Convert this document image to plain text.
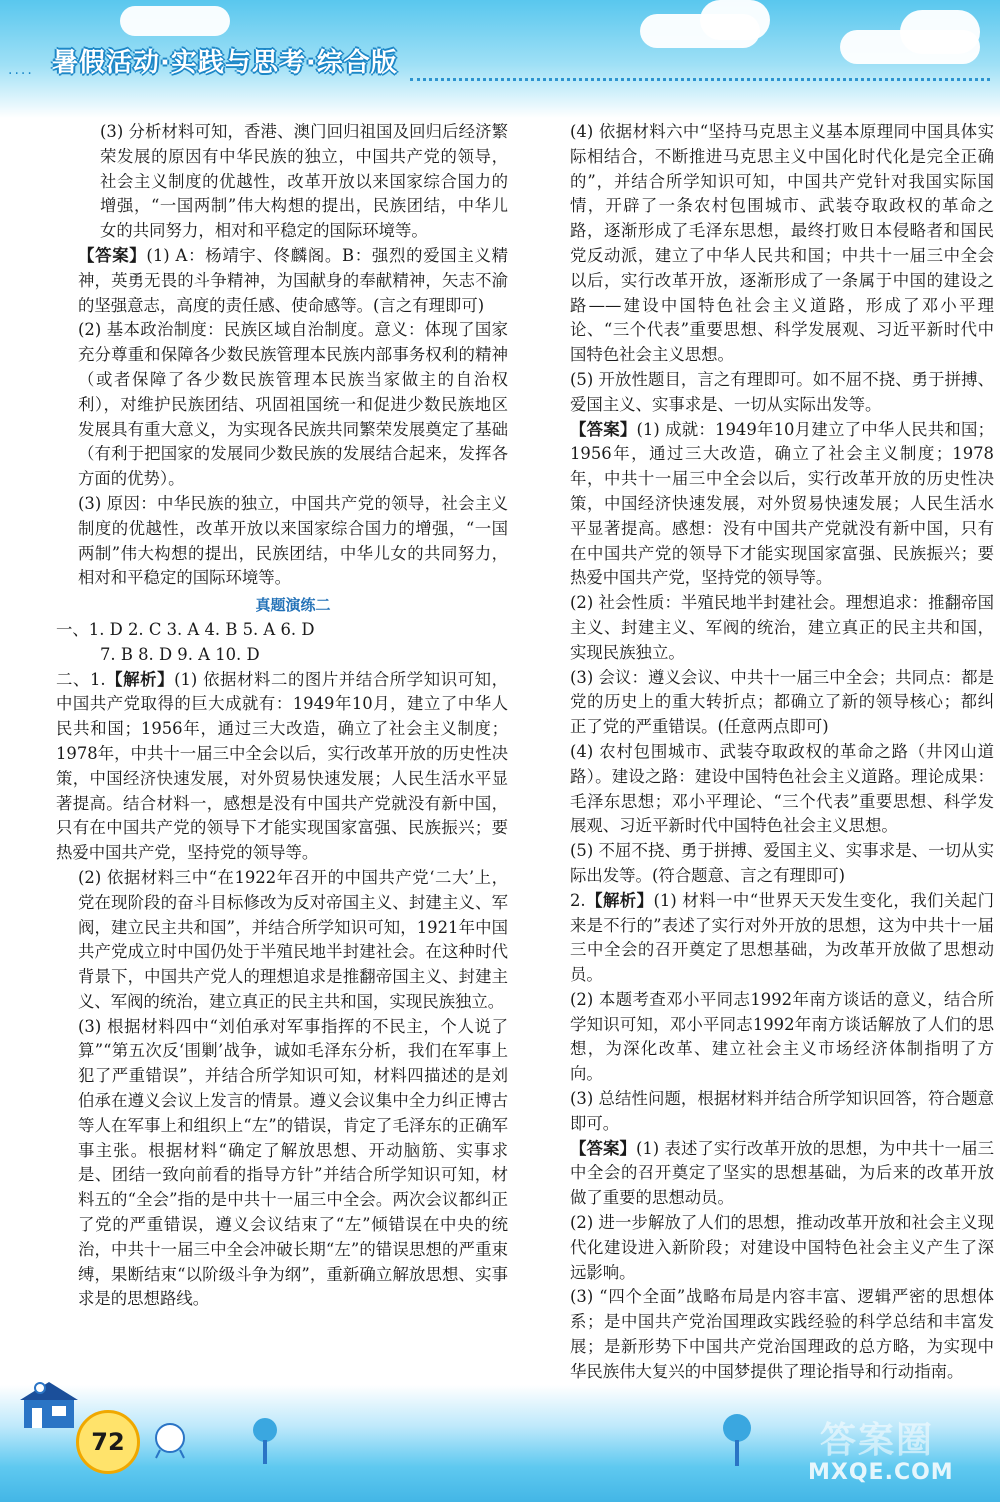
···· 暑假活动·实践与思考·综合版

(3) 分析材料可知，香港、澳门回归祖国及回归后经济繁荣发展的原因有中华民族的独立，中国共产党的领导，社会主义制度的优越性，改革开放以来国家综合国力的增强，“一国两制”伟大构想的提出，民族团结，中华儿女的共同努力，相对和平稳定的国际环境等。

【答案】(1) A：杨靖宇、佟麟阁。B：强烈的爱国主义精神，英勇无畏的斗争精神，为国献身的奉献精神，矢志不渝的坚强意志，高度的责任感、使命感等。(言之有理即可)

(2) 基本政治制度：民族区域自治制度。意义：体现了国家充分尊重和保障各少数民族管理本民族内部事务权利的精神（或者保障了各少数民族管理本民族当家做主的自治权利），对维护民族团结、巩固祖国统一和促进少数民族地区发展具有重大意义，为实现各民族共同繁荣发展奠定了基础（有利于把国家的发展同少数民族的发展结合起来，发挥各方面的优势）。

(3) 原因：中华民族的独立，中国共产党的领导，社会主义制度的优越性，改革开放以来国家综合国力的增强，“一国两制”伟大构想的提出，民族团结，中华儿女的共同努力，相对和平稳定的国际环境等。

真题演练二

一、1. D 2. C 3. A 4. B 5. A 6. D

7. B 8. D 9. A 10. D

二、1.【解析】(1) 依据材料二的图片并结合所学知识可知，中国共产党取得的巨大成就有：1949年10月，建立了中华人民共和国；1956年，通过三大改造，确立了社会主义制度；1978年，中共十一届三中全会以后，实行改革开放的历史性决策，中国经济快速发展，对外贸易快速发展；人民生活水平显著提高。结合材料一，感想是没有中国共产党就没有新中国，只有在中国共产党的领导下才能实现国家富强、民族振兴；要热爱中国共产党，坚持党的领导等。

(2) 依据材料三中“在1922年召开的中国共产党‘二大’上，党在现阶段的奋斗目标修改为反对帝国主义、封建主义、军阀，建立民主共和国”，并结合所学知识可知，1921年中国共产党成立时中国仍处于半殖民地半封建社会。在这种时代背景下，中国共产党人的理想追求是推翻帝国主义、封建主义、军阀的统治，建立真正的民主共和国，实现民族独立。

(3) 根据材料四中“刘伯承对军事指挥的不民主，个人说了算”“第五次反‘围剿’战争，诚如毛泽东分析，我们在军事上犯了严重错误”，并结合所学知识可知，材料四描述的是刘伯承在遵义会议上发言的情景。遵义会议集中全力纠正博古等人在军事上和组织上“左”的错误，肯定了毛泽东的正确军事主张。根据材料“确定了解放思想、开动脑筋、实事求是、团结一致向前看的指导方针”并结合所学知识可知，材料五的“全会”指的是中共十一届三中全会。两次会议都纠正了党的严重错误，遵义会议结束了“左”倾错误在中央的统治，中共十一届三中全会冲破长期“左”的错误思想的严重束缚，果断结束“以阶级斗争为纲”，重新确立解放思想、实事求是的思想路线。

(4) 依据材料六中“坚持马克思主义基本原理同中国具体实际相结合，不断推进马克思主义中国化时代化是完全正确的”，并结合所学知识可知，中国共产党针对我国实际国情，开辟了一条农村包围城市、武装夺取政权的革命之路，逐渐形成了毛泽东思想，最终打败日本侵略者和国民党反动派，建立了中华人民共和国；中共十一届三中全会以后，实行改革开放，逐渐形成了一条属于中国的建设之路——建设中国特色社会主义道路，形成了邓小平理论、“三个代表”重要思想、科学发展观、习近平新时代中国特色社会主义思想。

(5) 开放性题目，言之有理即可。如不屈不挠、勇于拼搏、爱国主义、实事求是、一切从实际出发等。

【答案】(1) 成就：1949年10月建立了中华人民共和国；1956年，通过三大改造，确立了社会主义制度；1978年，中共十一届三中全会以后，实行改革开放的历史性决策，中国经济快速发展，对外贸易快速发展；人民生活水平显著提高。感想：没有中国共产党就没有新中国，只有在中国共产党的领导下才能实现国家富强、民族振兴；要热爱中国共产党，坚持党的领导等。

(2) 社会性质：半殖民地半封建社会。理想追求：推翻帝国主义、封建主义、军阀的统治，建立真正的民主共和国，实现民族独立。

(3) 会议：遵义会议、中共十一届三中全会；共同点：都是党的历史上的重大转折点；都确立了新的领导核心；都纠正了党的严重错误。(任意两点即可)

(4) 农村包围城市、武装夺取政权的革命之路（井冈山道路）。建设之路：建设中国特色社会主义道路。理论成果：毛泽东思想；邓小平理论、“三个代表”重要思想、科学发展观、习近平新时代中国特色社会主义思想。

(5) 不屈不挠、勇于拼搏、爱国主义、实事求是、一切从实际出发等。(符合题意、言之有理即可)

2.【解析】(1) 材料一中“世界天天发生变化，我们关起门来是不行的”表述了实行对外开放的思想，这为中共十一届三中全会的召开奠定了思想基础，为改革开放做了思想动员。

(2) 本题考查邓小平同志1992年南方谈话的意义，结合所学知识可知，邓小平同志1992年南方谈话解放了人们的思想，为深化改革、建立社会主义市场经济体制指明了方向。

(3) 总结性问题，根据材料并结合所学知识回答，符合题意即可。

【答案】(1) 表述了实行改革开放的思想，为中共十一届三中全会的召开奠定了坚实的思想基础，为后来的改革开放做了重要的思想动员。

(2) 进一步解放了人们的思想，推动改革开放和社会主义现代化建设进入新阶段；对建设中国特色社会主义产生了深远影响。

(3) “四个全面”战略布局是内容丰富、逻辑严密的思想体系；是中国共产党治国理政实践经验的科学总结和丰富发展；是新形势下中国共产党治国理政的总方略，为实现中华民族伟大复兴的中国梦提供了理论指导和行动指南。

72	答案圈
MXQE.COM
